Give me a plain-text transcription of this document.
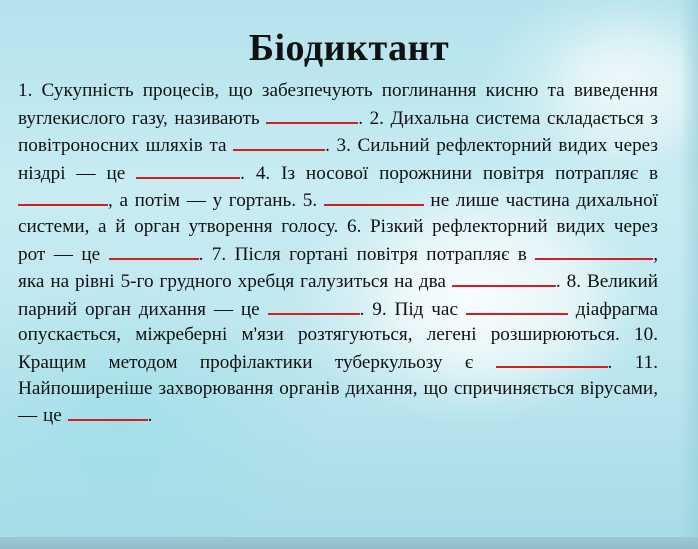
Біодиктант
1. Сукупність процесів, що забезпечують поглинання кисню та виведення вуглекислого газу, називають	. 2. Дихальна система складається з повітроносних шляхів та	. 3. Сильний рефлекторний видих через ніздрі — це	. 4. Із носової порожнини повітря потрапляє в , а потім — у гортань. 5.	не лише частина дихальної системи, а й орган утворення голосу. 6. Різкий рефлекторний видих через рот — це	. 7. Після гортані повітря потрапляє в	, яка на рівні 5-го грудного хребця галузиться на два	. 8. Великий парний орган дихання — це	. 9. Під час	діафрагма опускається, міжреберні м'язи розтягуються, легені розширюються. 10. Кращим методом профілактики туберкульозу є	. 11. Найпоширеніше захворювання органів дихання, що спричиняється вірусами,— це	.
